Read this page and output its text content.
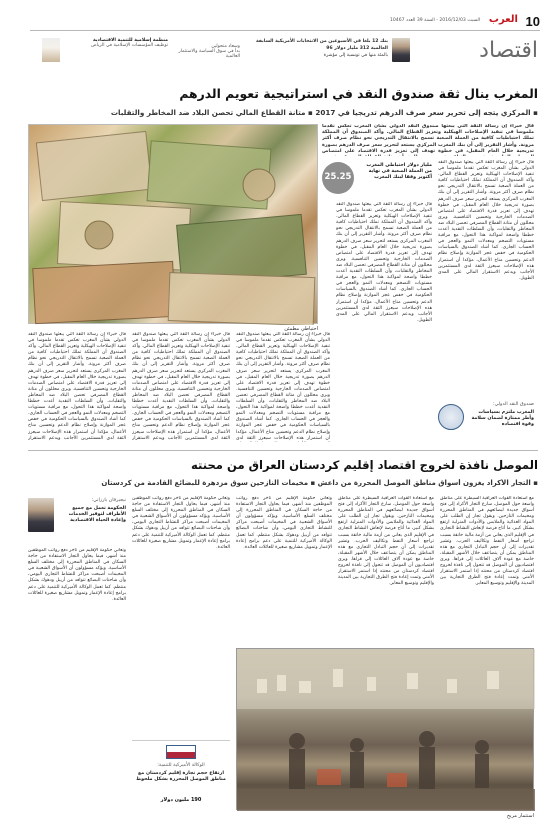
10
العرب
السبت 2016/12/03 - السنة 39 العدد 10467
اقتصاد
بنك 12 بلغا في الأسبوعين من الانتخابات الأمريكية السابقة العالمية 312 مليار دولار 96
بالمئة منها في تونسية إلى مؤشرة
وسعاد متحولين
بدأ في سوق السياسة والاستثمار العالمية
منظمة إسلامية للتنمية الاقتصادية
توظيف المؤسسات الإسلامية في الرياض
المغرب ينال ثقة صندوق النقد في استراتيجية تعويم الدرهم
▪ المركزي يتجه إلى تحرير سعر صرف الدرهم تدريجيا في 2017 ▪ متانة القطاع المالي تحصن البلاد ضد المخاطر والتقلبات
قال خبراء إن رسالة الثقة التي يبعثها صندوق النقد الدولي بشأن المغرب تعكس تقدما ملموسا في تنفيذ الإصلاحات الهيكلية وتعزيز القطاع المالي. وأكد الصندوق أن المملكة تملك احتياطيات كافية من العملة الصعبة تسمح بالانتقال التدريجي نحو نظام صرف أكثر مرونة. وأشار التقرير إلى أن بنك المغرب المركزي يستعد لتحرير سعر صرف الدرهم بصورة تدريجية خلال العام المقبل، في خطوة تهدف إلى تعزيز قدرة الاقتصاد على امتصاص
احتياطي مطمئن
25.25
مليار دولار احتياطي المغرب من العملة الصعبة في نهاية أكتوبر وفقا لبنك المغرب
قال خبراء إن رسالة الثقة التي يبعثها صندوق النقد الدولي بشأن المغرب تعكس تقدما ملموسا في تنفيذ الإصلاحات الهيكلية وتعزيز القطاع المالي. وأكد الصندوق أن المملكة تملك احتياطيات كافية من العملة الصعبة تسمح بالانتقال التدريجي نحو نظام صرف أكثر مرونة. وأشار التقرير إلى أن بنك المغرب المركزي يستعد لتحرير سعر صرف الدرهم بصورة تدريجية خلال العام المقبل، في خطوة تهدف إلى تعزيز قدرة الاقتصاد على امتصاص الصدمات الخارجية وتحسين التنافسية. ويرى محللون أن متانة القطاع المصرفي تحصن البلاد ضد المخاطر والتقلبات، وأن السلطات النقدية أعدت خططا واضحة لمواكبة هذا التحول، مع مراقبة مستويات التضخم ومعدلات النمو والعجز في الحساب الجاري. كما أشاد الصندوق بالسياسات الحكومية في خفض عجز الموازنة وإصلاح نظام الدعم وتحسين مناخ الأعمال، مؤكدا أن استمرار هذه الإصلاحات سيعزز الثقة لدى المستثمرين الأجانب ويدعم الاستقرار المالي على المدى الطويل.
قال خبراء إن رسالة الثقة التي يبعثها صندوق النقد الدولي بشأن المغرب تعكس تقدما ملموسا في تنفيذ الإصلاحات الهيكلية وتعزيز القطاع المالي. وأكد الصندوق أن المملكة تملك احتياطيات كافية من العملة الصعبة تسمح بالانتقال التدريجي نحو نظام صرف أكثر مرونة. وأشار التقرير إلى أن بنك المغرب المركزي يستعد لتحرير سعر صرف الدرهم بصورة تدريجية خلال العام المقبل، في خطوة تهدف إلى تعزيز قدرة الاقتصاد على امتصاص الصدمات الخارجية وتحسين التنافسية. ويرى محللون أن متانة القطاع المصرفي تحصن البلاد ضد المخاطر والتقلبات، وأن السلطات النقدية أعدت خططا واضحة لمواكبة هذا التحول، مع مراقبة مستويات التضخم ومعدلات النمو والعجز في الحساب الجاري. كما أشاد الصندوق بالسياسات الحكومية في خفض عجز الموازنة وإصلاح نظام الدعم وتحسين مناخ الأعمال، مؤكدا أن استمرار هذه الإصلاحات سيعزز الثقة لدى المستثمرين الأجانب ويدعم الاستقرار المالي على المدى الطويل.
قال خبراء إن رسالة الثقة التي يبعثها صندوق النقد الدولي بشأن المغرب تعكس تقدما ملموسا في تنفيذ الإصلاحات الهيكلية وتعزيز القطاع المالي. وأكد الصندوق أن المملكة تملك احتياطيات كافية من العملة الصعبة تسمح بالانتقال التدريجي نحو نظام صرف أكثر مرونة. وأشار التقرير إلى أن بنك المغرب المركزي يستعد لتحرير سعر صرف الدرهم بصورة تدريجية خلال العام المقبل، في خطوة تهدف إلى تعزيز قدرة الاقتصاد على امتصاص الصدمات الخارجية وتحسين التنافسية. ويرى محللون أن متانة القطاع المصرفي تحصن البلاد ضد المخاطر والتقلبات، وأن السلطات النقدية أعدت خططا واضحة لمواكبة هذا التحول، مع مراقبة مستويات التضخم ومعدلات النمو والعجز في الحساب الجاري. كما أشاد الصندوق بالسياسات الحكومية في خفض عجز الموازنة وإصلاح نظام الدعم وتحسين مناخ الأعمال، مؤكدا أن استمرار هذه الإصلاحات سيعزز الثقة لدى
قال خبراء إن رسالة الثقة التي يبعثها صندوق النقد الدولي بشأن المغرب تعكس تقدما ملموسا في تنفيذ الإصلاحات الهيكلية وتعزيز القطاع المالي. وأكد الصندوق أن المملكة تملك احتياطيات كافية من العملة الصعبة تسمح بالانتقال التدريجي نحو نظام صرف أكثر مرونة. وأشار التقرير إلى أن بنك المغرب المركزي يستعد لتحرير سعر صرف الدرهم بصورة تدريجية خلال العام المقبل، في خطوة تهدف إلى تعزيز قدرة الاقتصاد على امتصاص الصدمات الخارجية وتحسين التنافسية. ويرى محللون أن متانة القطاع المصرفي تحصن البلاد ضد المخاطر والتقلبات، وأن السلطات النقدية أعدت خططا واضحة لمواكبة هذا التحول، مع مراقبة مستويات التضخم ومعدلات النمو والعجز في الحساب الجاري. كما أشاد الصندوق بالسياسات الحكومية في خفض عجز الموازنة وإصلاح نظام الدعم وتحسين مناخ الأعمال، مؤكدا أن استمرار هذه الإصلاحات سيعزز الثقة لدى المستثمرين الأجانب ويدعم الاستقرار
قال خبراء إن رسالة الثقة التي يبعثها صندوق النقد الدولي بشأن المغرب تعكس تقدما ملموسا في تنفيذ الإصلاحات الهيكلية وتعزيز القطاع المالي. وأكد الصندوق أن المملكة تملك احتياطيات كافية من العملة الصعبة تسمح بالانتقال التدريجي نحو نظام صرف أكثر مرونة. وأشار التقرير إلى أن بنك المغرب المركزي يستعد لتحرير سعر صرف الدرهم بصورة تدريجية خلال العام المقبل، في خطوة تهدف إلى تعزيز قدرة الاقتصاد على امتصاص الصدمات الخارجية وتحسين التنافسية. ويرى محللون أن متانة القطاع المصرفي تحصن البلاد ضد المخاطر والتقلبات، وأن السلطات النقدية أعدت خططا واضحة لمواكبة هذا التحول، مع مراقبة مستويات التضخم ومعدلات النمو والعجز في الحساب الجاري. كما أشاد الصندوق بالسياسات الحكومية في خفض عجز الموازنة وإصلاح نظام الدعم وتحسين مناخ الأعمال، مؤكدا أن استمرار هذه الإصلاحات سيعزز الثقة لدى المستثمرين الأجانب ويدعم الاستقرار
صندوق النقد الدولي:
المغرب ملتزم بسياسات وأطر ممتازة لضمان سلامة وقوة اقتصاده
الموصل نافذة لخروج اقتصاد إقليم كردستان العراق من محنته
▪ التجار الأكراد يغزون أسواق مناطق الموصل المحررة من داعش ▪ مخيمات النازحين سوق مزدهرة للبضائع القادمة من كردستان
مع استعادة القوات العراقية السيطرة على مناطق واسعة حول الموصل، سارع التجار الأكراد إلى فتح أسواق جديدة لبضائعهم في المناطق المحررة ومخيمات النازحين. ويقول تجار إن الطلب على المواد الغذائية والملابس والأدوات المنزلية ارتفع بشكل كبير، ما أتاح فرصة لإنعاش النشاط التجاري في الإقليم الذي يعاني من أزمة مالية خانقة بسبب تراجع أسعار النفط وتكاليف الحرب. وتشير تقديرات إلى أن حجم التبادل التجاري مع هذه المناطق يمكن أن يتضاعف خلال الأشهر المقبلة، خاصة مع عودة آلاف العائلات إلى قراها. ويرى اقتصاديون أن الموصل قد تتحول إلى نافذة لخروج اقتصاد كردستان من محنته إذا استمر الاستقرار الأمني وتمت إعادة فتح الطرق التجارية بين المدينة والإقليم وتوسيع المعابر.
مع استعادة القوات العراقية السيطرة على مناطق واسعة حول الموصل، سارع التجار الأكراد إلى فتح أسواق جديدة لبضائعهم في المناطق المحررة ومخيمات النازحين. ويقول تجار إن الطلب على المواد الغذائية والملابس والأدوات المنزلية ارتفع بشكل كبير، ما أتاح فرصة لإنعاش النشاط التجاري في الإقليم الذي يعاني من أزمة مالية خانقة بسبب تراجع أسعار النفط وتكاليف الحرب. وتشير تقديرات إلى أن حجم التبادل التجاري مع هذه المناطق يمكن أن يتضاعف خلال الأشهر المقبلة، خاصة مع عودة آلاف العائلات إلى قراها. ويرى اقتصاديون أن الموصل قد تتحول إلى نافذة لخروج اقتصاد كردستان من محنته إذا استمر الاستقرار الأمني وتمت إعادة فتح الطرق التجارية بين المدينة والإقليم وتوسيع المعابر.
وتعاني حكومة الإقليم من تأخر دفع رواتب الموظفين منذ أشهر، فيما يحاول التجار الاستفادة من حاجة السكان في المناطق المحررة إلى مختلف السلع الأساسية. ويؤكد مسؤولون أن الأسواق الشعبية في المخيمات أصبحت مراكز للنشاط التجاري اليومي، وأن شاحنات البضائع تتوافد من أربيل ودهوك بشكل منتظم. كما تعمل الوكالة الأميركية للتنمية على دعم برامج إعادة الإعمار وتمويل مشاريع صغيرة للعائلات العائدة.
وتعاني حكومة الإقليم من تأخر دفع رواتب الموظفين منذ أشهر، فيما يحاول التجار الاستفادة من حاجة السكان في المناطق المحررة إلى مختلف السلع الأساسية. ويؤكد مسؤولون أن الأسواق الشعبية في المخيمات أصبحت مراكز للنشاط التجاري اليومي، وأن شاحنات البضائع تتوافد من أربيل ودهوك بشكل منتظم. كما تعمل الوكالة الأميركية للتنمية على دعم برامج إعادة الإعمار وتمويل مشاريع صغيرة للعائلات العائدة.
نيجيرفان بارزاني:
الحكومة تعمل مع جميع الأطراف لتوفير الخدمات وإعادة الحياة الاقتصادية
وتعاني حكومة الإقليم من تأخر دفع رواتب الموظفين منذ أشهر، فيما يحاول التجار الاستفادة من حاجة السكان في المناطق المحررة إلى مختلف السلع الأساسية. ويؤكد مسؤولون أن الأسواق الشعبية في المخيمات أصبحت مراكز للنشاط التجاري اليومي، وأن شاحنات البضائع تتوافد من أربيل ودهوك بشكل منتظم. كما تعمل الوكالة الأميركية للتنمية على دعم برامج إعادة الإعمار وتمويل مشاريع صغيرة للعائلات العائدة.
استثمار مربح
الوكالة الأميركية للتنمية:
ارتفاع حجم تجارة إقليم كردستان مع مناطق الموصل المحررة بشكل ملحوظ
190 مليون دولار
